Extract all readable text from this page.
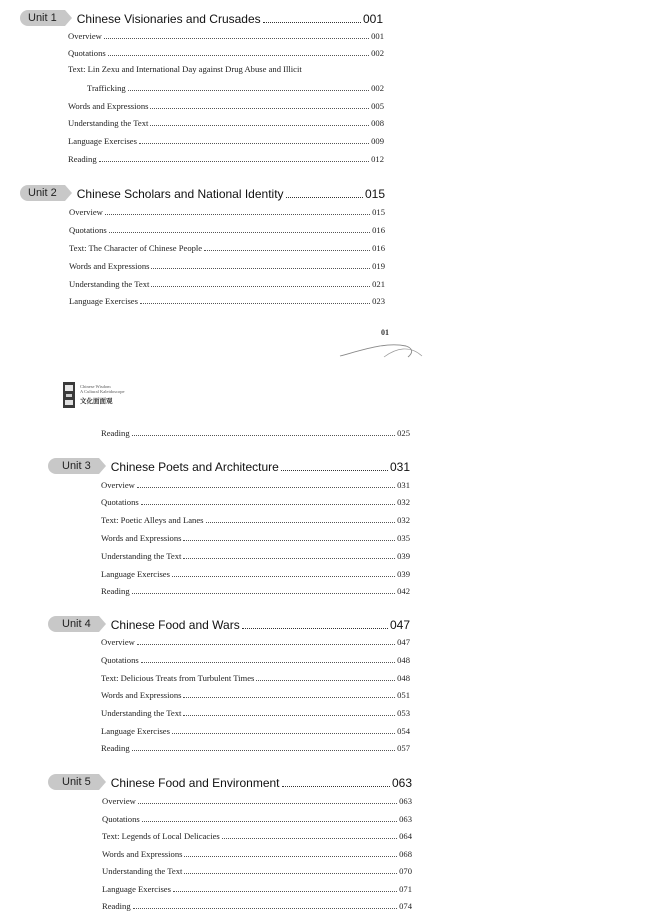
Unit 1	Chinese Visionaries and Crusades	001
Overview	001
Quotations	002
Text: Lin Zexu and International Day against Drug Abuse and Illicit
Trafficking	002
Words and Expressions	005
Understanding the Text	008
Language Exercises	009
Reading	012
Unit 2	Chinese Scholars and National Identity	015
Overview	015
Quotations	016
Text: The Character of Chinese People	016
Words and Expressions	019
Understanding the Text	021
Language Exercises	023
01
Chinese Wisdom
A Cultural Kaleidoscope
文化面面观
Reading	025
Unit 3	Chinese Poets and Architecture	031
Overview	031
Quotations	032
Text: Poetic Alleys and Lanes	032
Words and Expressions	035
Understanding the Text	039
Language Exercises	039
Reading	042
Unit 4	Chinese Food and Wars	047
Overview	047
Quotations	048
Text: Delicious Treats from Turbulent Times	048
Words and Expressions	051
Understanding the Text	053
Language Exercises	054
Reading	057
Unit 5	Chinese Food and Environment	063
Overview	063
Quotations	063
Text: Legends of Local Delicacies	064
Words and Expressions	068
Understanding the Text	070
Language Exercises	071
Reading	074
